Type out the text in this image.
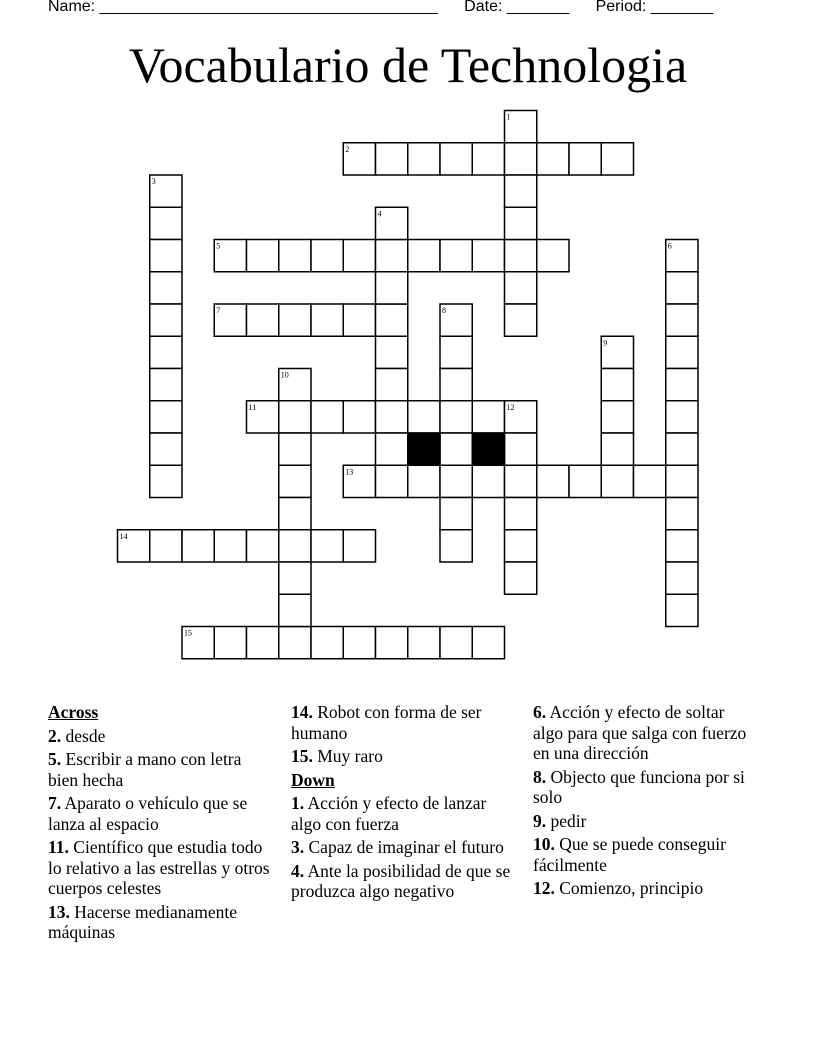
Name: ______________________________________ Date: _______ Period: _______
Vocabulario de Technologia
2
5
7
11
13
14
15
1
3
4
6
8
9
10
12
Across
2. desde
5. Escribir a mano con letra bien hecha
7. Aparato o vehículo que se lanza al espacio
11. Científico que estudia todo lo relativo a las estrellas y otros cuerpos celestes
13. Hacerse medianamente máquinas
14. Robot con forma de ser humano
15. Muy raro
Down
1. Acción y efecto de lanzar algo con fuerza
3. Capaz de imaginar el futuro
4. Ante la posibilidad de que se produzca algo negativo
6. Acción y efecto de soltar algo para que salga con fuerzo en una dirección
8. Objecto que funciona por si solo
9. pedir
10. Que se puede conseguir fácilmente
12. Comienzo, principio
